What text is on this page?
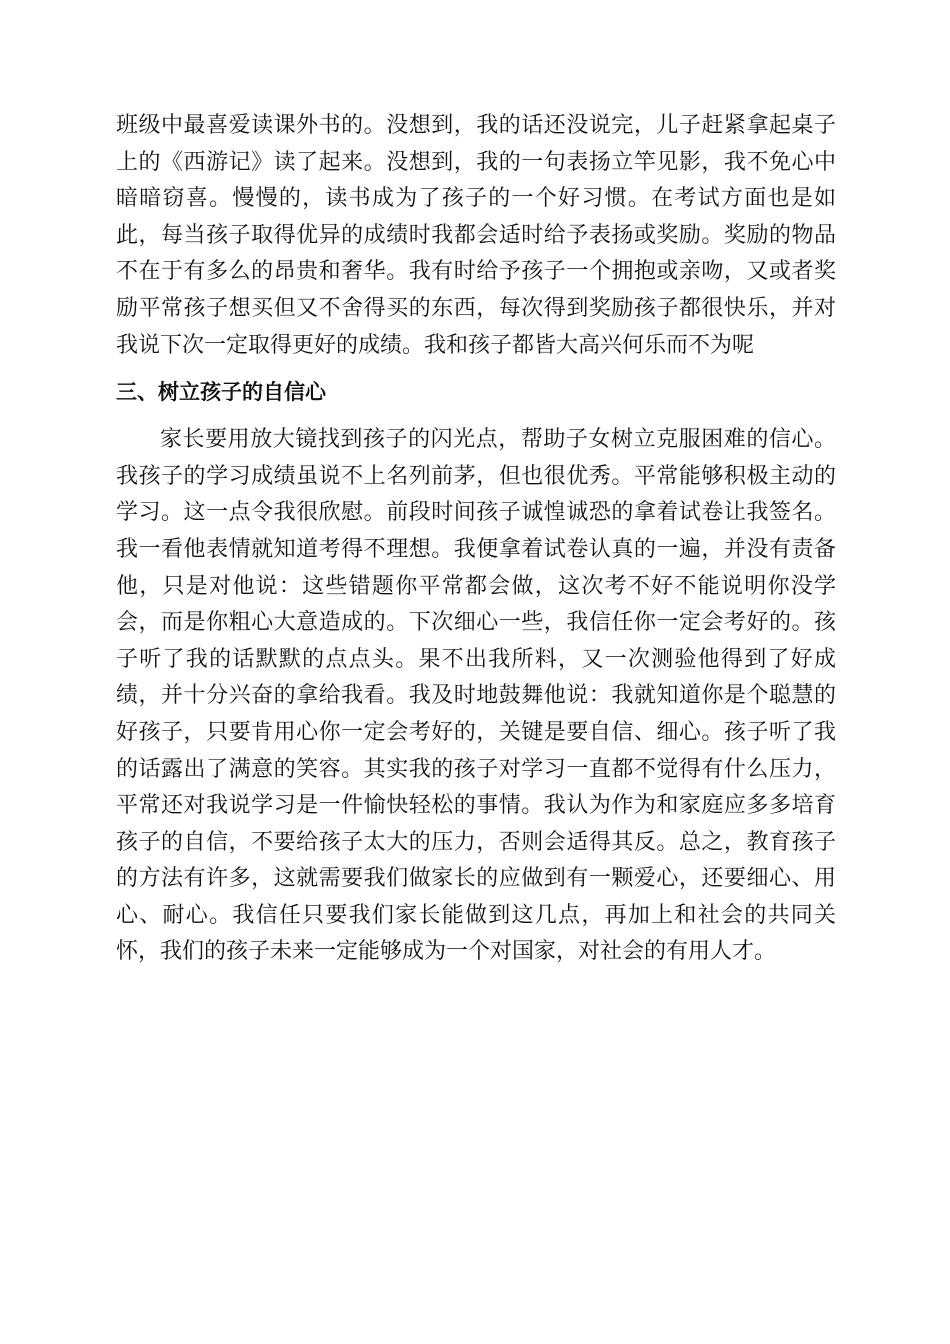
班级中最喜爱读课外书的。没想到，我的话还没说完，儿子赶紧拿起桌子上的《西游记》读了起来。没想到，我的一句表扬立竿见影，我不免心中暗暗窃喜。慢慢的，读书成为了孩子的一个好习惯。在考试方面也是如此，每当孩子取得优异的成绩时我都会适时给予表扬或奖励。奖励的物品不在于有多么的昂贵和奢华。我有时给予孩子一个拥抱或亲吻，又或者奖励平常孩子想买但又不舍得买的东西，每次得到奖励孩子都很快乐，并对我说下次一定取得更好的成绩。我和孩子都皆大高兴何乐而不为呢

三、树立孩子的自信心

家长要用放大镜找到孩子的闪光点，帮助子女树立克服困难的信心。我孩子的学习成绩虽说不上名列前茅，但也很优秀。平常能够积极主动的学习。这一点令我很欣慰。前段时间孩子诚惶诚恐的拿着试卷让我签名。我一看他表情就知道考得不理想。我便拿着试卷认真的一遍，并没有责备他，只是对他说：这些错题你平常都会做，这次考不好不能说明你没学会，而是你粗心大意造成的。下次细心一些，我信任你一定会考好的。孩子听了我的话默默的点点头。果不出我所料，又一次测验他得到了好成绩，并十分兴奋的拿给我看。我及时地鼓舞他说：我就知道你是个聪慧的好孩子，只要肯用心你一定会考好的，关键是要自信、细心。孩子听了我的话露出了满意的笑容。其实我的孩子对学习一直都不觉得有什么压力，平常还对我说学习是一件愉快轻松的事情。我认为作为和家庭应多多培育孩子的自信，不要给孩子太大的压力，否则会适得其反。总之，教育孩子的方法有许多，这就需要我们做家长的应做到有一颗爱心，还要细心、用心、耐心。我信任只要我们家长能做到这几点，再加上和社会的共同关怀，我们的孩子未来一定能够成为一个对国家，对社会的有用人才。
